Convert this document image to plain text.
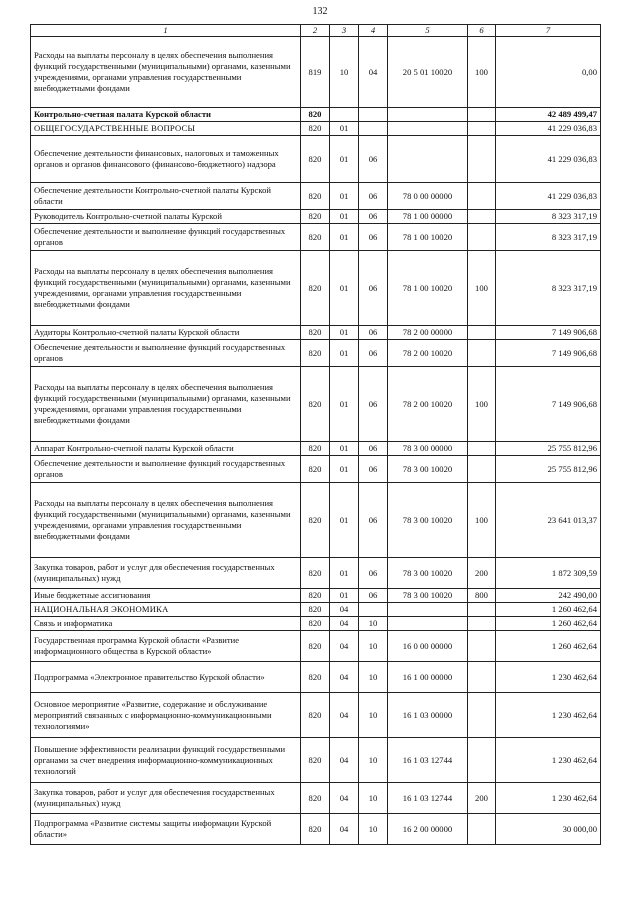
132
1	2	3	4	5	6	7
Расходы на выплаты персоналу в целях обеспечения выполнения функций государственными (муниципальными) органами, казенными учреждениями, органами управления государственными внебюджетными фондами	819	10	04	20 5 01 10020	100	0,00
Контрольно-счетная палата Курской области	820					42 489 499,47
ОБЩЕГОСУДАРСТВЕННЫЕ ВОПРОСЫ	820	01				41 229 036,83
Обеспечение деятельности финансовых, налоговых и таможенных органов и органов финансового (финансово-бюджетного) надзора	820	01	06			41 229 036,83
Обеспечение деятельности Контрольно-счетной палаты Курской области	820	01	06	78 0 00 00000		41 229 036,83
Руководитель Контрольно-счетной палаты Курской	820	01	06	78 1 00 00000		8 323 317,19
Обеспечение деятельности и выполнение функций государственных органов	820	01	06	78 1 00 10020		8 323 317,19
Расходы на выплаты персоналу в целях обеспечения выполнения функций государственными (муниципальными) органами, казенными учреждениями, органами управления государственными внебюджетными фондами	820	01	06	78 1 00 10020	100	8 323 317,19
Аудиторы Контрольно-счетной палаты Курской области	820	01	06	78 2 00 00000		7 149 906,68
Обеспечение деятельности и выполнение функций государственных органов	820	01	06	78 2 00 10020		7 149 906,68
Расходы на выплаты персоналу в целях обеспечения выполнения функций государственными (муниципальными) органами, казенными учреждениями, органами управления государственными внебюджетными фондами	820	01	06	78 2 00 10020	100	7 149 906,68
Аппарат Контрольно-счетной палаты Курской области	820	01	06	78 3 00 00000		25 755 812,96
Обеспечение деятельности и выполнение функций государственных органов	820	01	06	78 3 00 10020		25 755 812,96
Расходы на выплаты персоналу в целях обеспечения выполнения функций государственными (муниципальными) органами, казенными учреждениями, органами управления государственными внебюджетными фондами	820	01	06	78 3 00 10020	100	23 641 013,37
Закупка товаров, работ и услуг для обеспечения государственных (муниципальных) нужд	820	01	06	78 3 00 10020	200	1 872 309,59
Иные бюджетные ассигнования	820	01	06	78 3 00 10020	800	242 490,00
НАЦИОНАЛЬНАЯ ЭКОНОМИКА	820	04				1 260 462,64
Связь и информатика	820	04	10			1 260 462,64
Государственная программа Курской области «Развитие информационного общества в Курской области»	820	04	10	16 0 00 00000		1 260 462,64
Подпрограмма «Электронное правительство Курской области»	820	04	10	16 1 00 00000		1 230 462,64
Основное мероприятие «Развитие, содержание и обслуживание мероприятий связанных с информационно-коммуникационными технологиями»	820	04	10	16 1 03 00000		1 230 462,64
Повышение эффективности реализации функций государственными органами за счет внедрения информационно-коммуникационных технологий	820	04	10	16 1 03 12744		1 230 462,64
Закупка товаров, работ и услуг для обеспечения государственных (муниципальных) нужд	820	04	10	16 1 03 12744	200	1 230 462,64
Подпрограмма «Развитие системы защиты информации Курской области»	820	04	10	16 2 00 00000		30 000,00
